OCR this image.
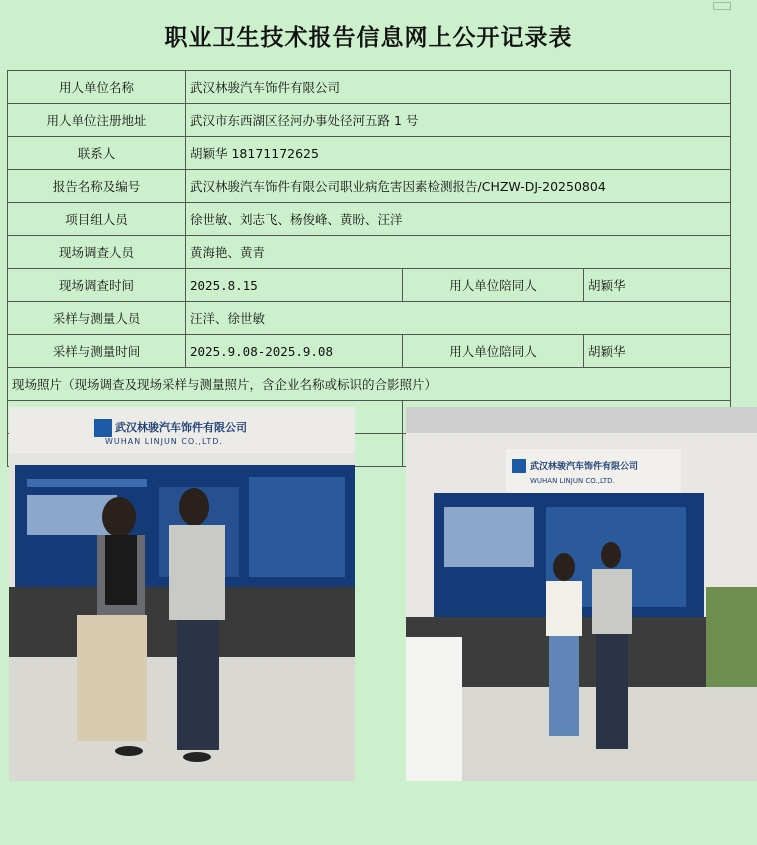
职业卫生技术报告信息网上公开记录表
用人单位名称	武汉林骏汽车饰件有限公司		
用人单位注册地址	武汉市东西湖区径河办事处径河五路 1 号		
联系人	胡颖华 18171172625		
报告名称及编号	武汉林骏汽车饰件有限公司职业病危害因素检测报告/CHZW-DJ-20250804		
项目组人员	徐世敏、刘志飞、杨俊峰、黄盼、汪洋		
现场调查人员	黄海艳、黄青		
现场调查时间	2025.8.15	用人单位陪同人	胡颖华
采样与测量人员	汪洋、徐世敏		
采样与测量时间	2025.9.08-2025.9.08	用人单位陪同人	胡颖华
现场照片（现场调查及现场采样与测量照片，含企业名称或标识的合影照片）			

武汉林骏汽车饰件有限公司
WUHAN LINJUN CO.,LTD.		武汉林骏汽车饰件有限公司
WUHAN LINJUN CO.,LTD.	
